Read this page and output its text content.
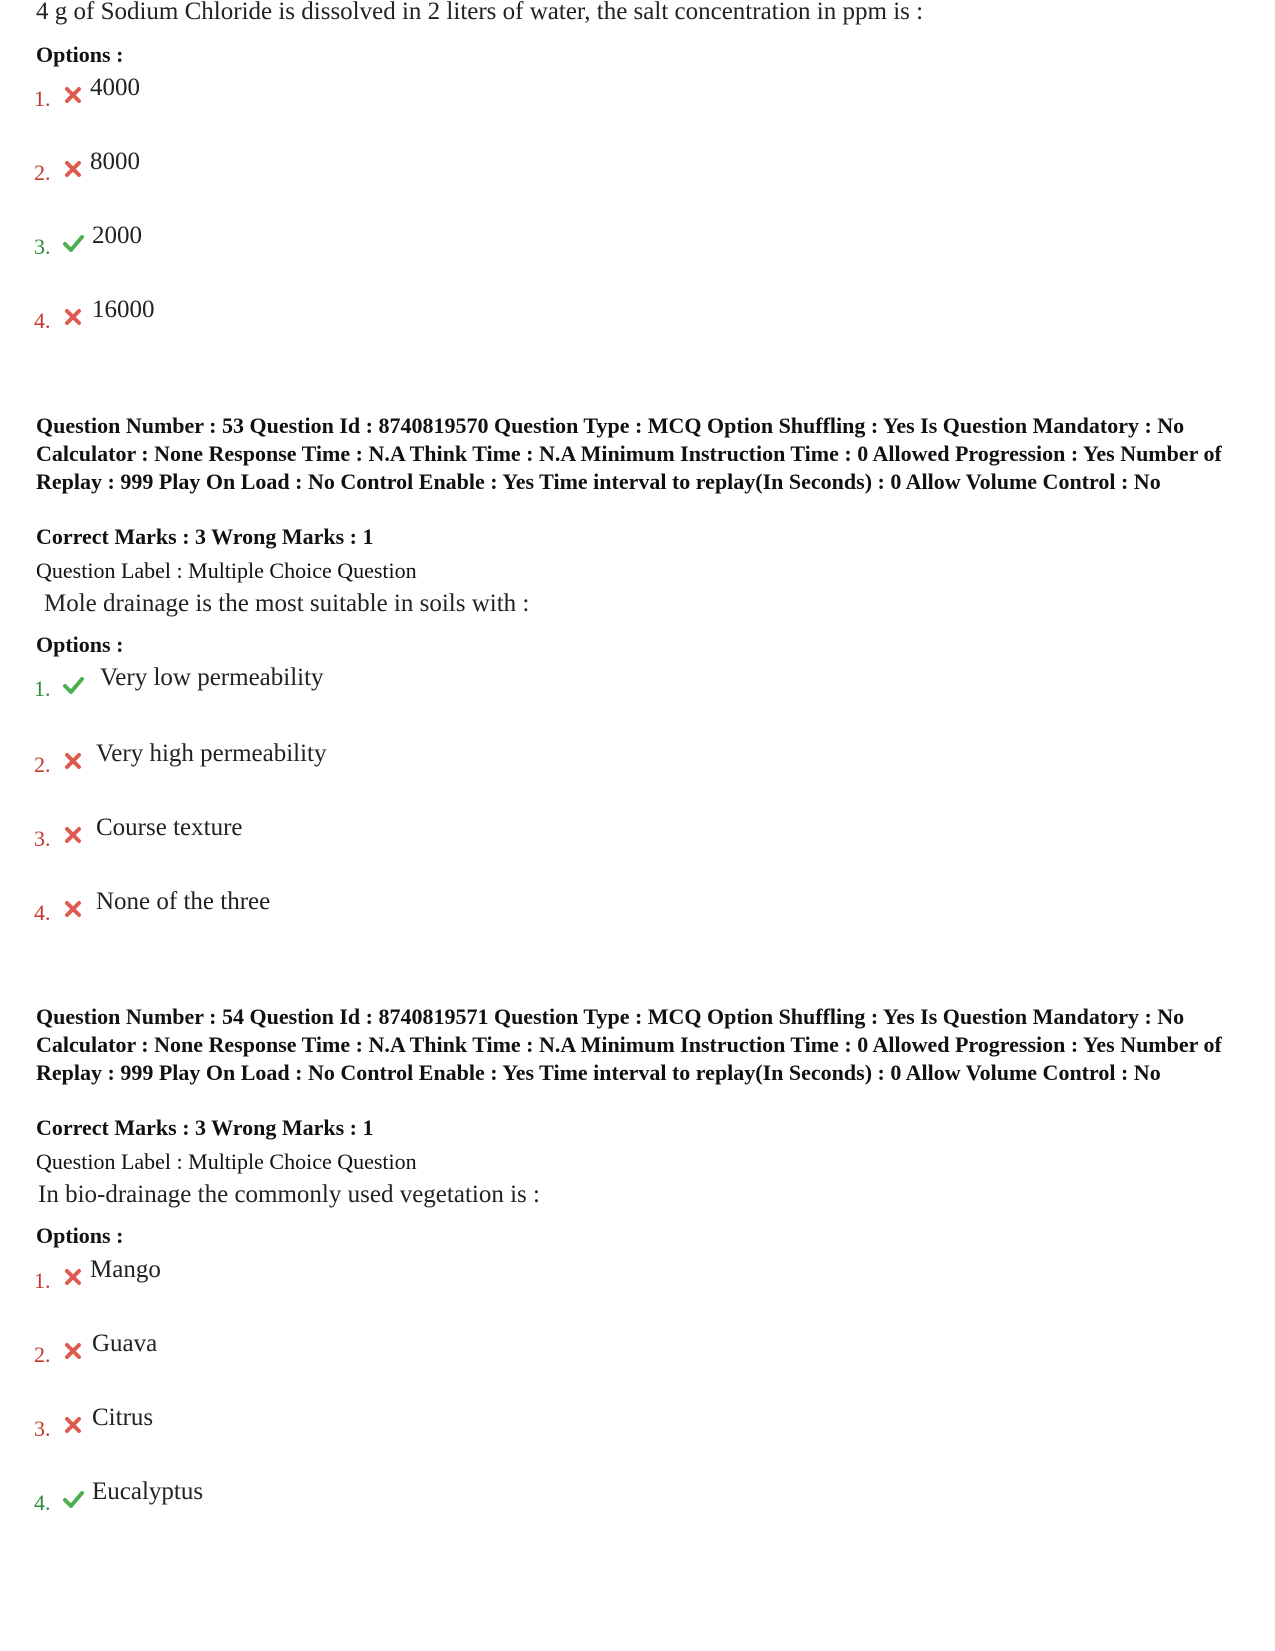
4 g of Sodium Chloride is dissolved in 2 liters of water, the salt concentration in ppm is :
Options :
1. 4000
2. 8000
3. 2000
4. 16000
Question Number : 53 Question Id : 8740819570 Question Type : MCQ Option Shuffling : Yes Is Question Mandatory : No Calculator : None Response Time : N.A Think Time : N.A Minimum Instruction Time : 0 Allowed Progression : Yes Number of Replay : 999 Play On Load : No Control Enable : Yes Time interval to replay(In Seconds) : 0 Allow Volume Control : No
Correct Marks : 3 Wrong Marks : 1
Question Label : Multiple Choice Question
Mole drainage is the most suitable in soils with :
Options :
1. Very low permeability
2. Very high permeability
3. Course texture
4. None of the three
Question Number : 54 Question Id : 8740819571 Question Type : MCQ Option Shuffling : Yes Is Question Mandatory : No Calculator : None Response Time : N.A Think Time : N.A Minimum Instruction Time : 0 Allowed Progression : Yes Number of Replay : 999 Play On Load : No Control Enable : Yes Time interval to replay(In Seconds) : 0 Allow Volume Control : No
Correct Marks : 3 Wrong Marks : 1
Question Label : Multiple Choice Question
In bio-drainage the commonly used vegetation is :
Options :
1. Mango
2. Guava
3. Citrus
4. Eucalyptus
